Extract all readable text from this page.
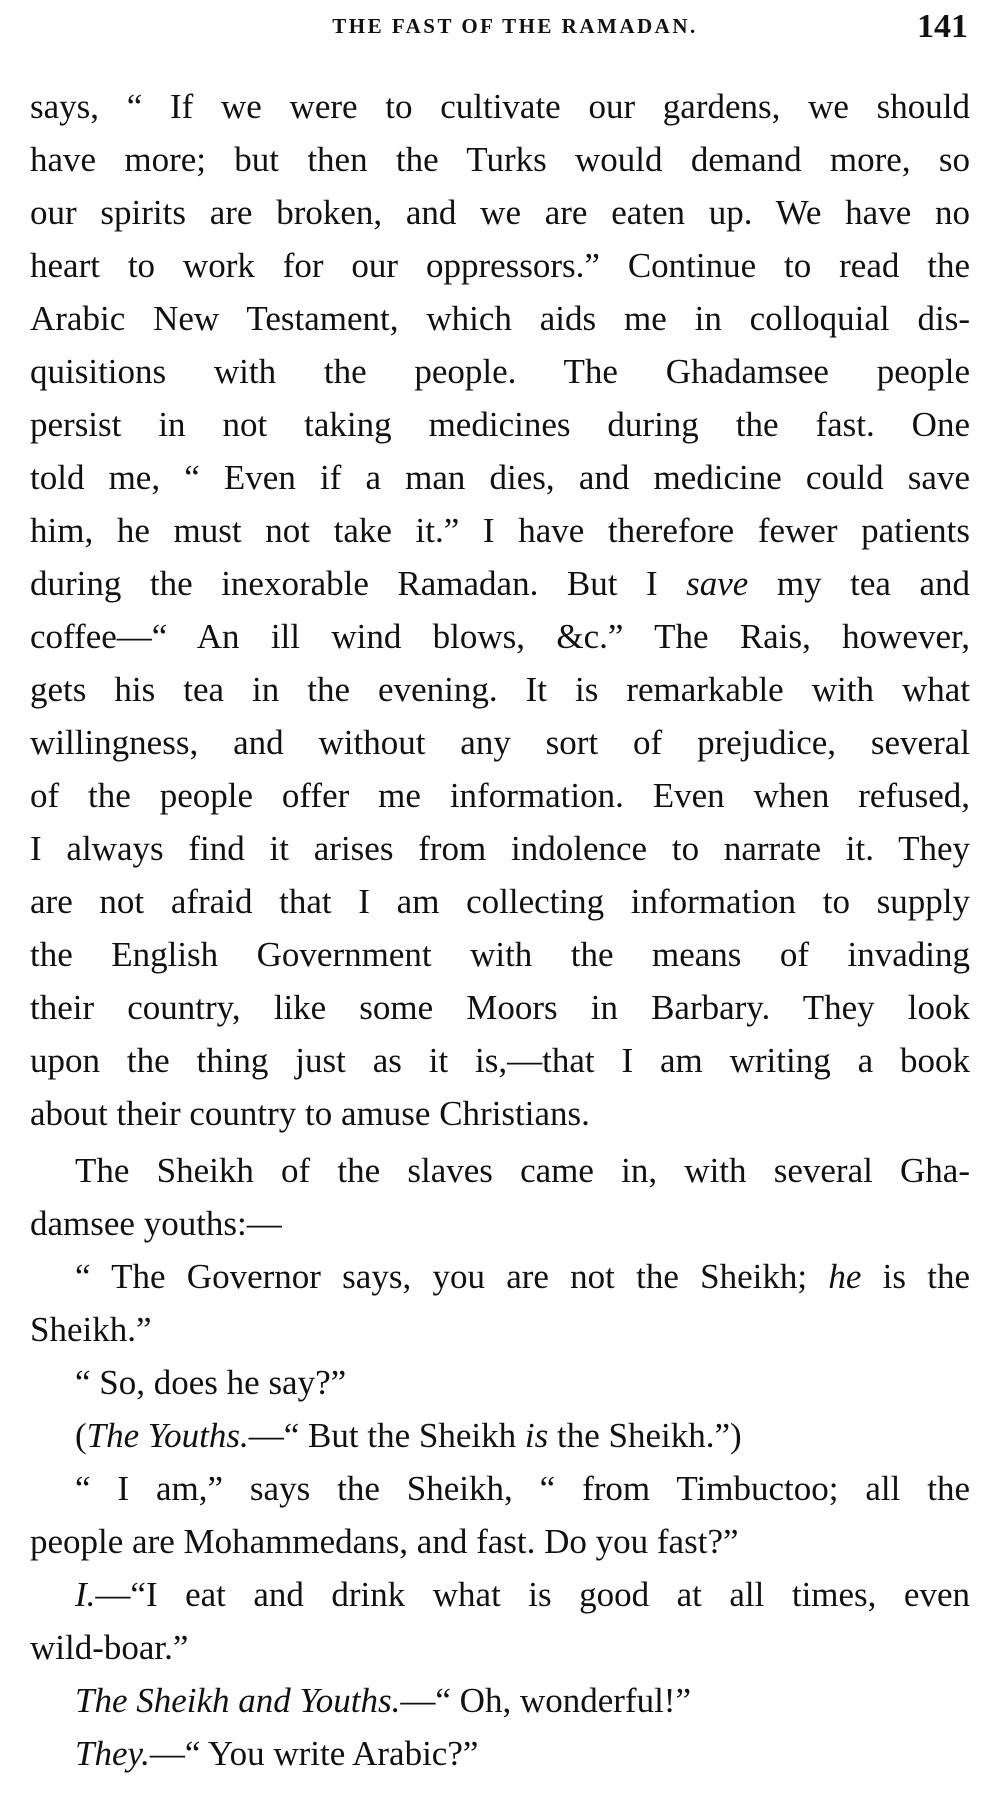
THE FAST OF THE RAMADAN.	141
says, “ If we were to cultivate our gardens, we should
have more; but then the Turks would demand more, so
our spirits are broken, and we are eaten up. We have no
heart to work for our oppressors.” Continue to read the
Arabic New Testament, which aids me in colloquial dis-
quisitions with the people. The Ghadamsee people
persist in not taking medicines during the fast. One
told me, “ Even if a man dies, and medicine could save
him, he must not take it.” I have therefore fewer patients
during the inexorable Ramadan. But I save my tea and
coffee—“ An ill wind blows, &c.” The Rais, however,
gets his tea in the evening. It is remarkable with what
willingness, and without any sort of prejudice, several
of the people offer me information. Even when refused,
I always find it arises from indolence to narrate it. They
are not afraid that I am collecting information to supply
the English Government with the means of invading
their country, like some Moors in Barbary. They look
upon the thing just as it is,—that I am writing a book
about their country to amuse Christians.
The Sheikh of the slaves came in, with several Gha-
damsee youths:—
“ The Governor says, you are not the Sheikh; he is the
Sheikh.”
“ So, does he say?”
(The Youths.—“ But the Sheikh is the Sheikh.”)
“ I am,” says the Sheikh, “ from Timbuctoo; all the
people are Mohammedans, and fast. Do you fast?”
I.—“I eat and drink what is good at all times, even
wild-boar.”
The Sheikh and Youths.—“ Oh, wonderful!”
They.—“ You write Arabic?”
